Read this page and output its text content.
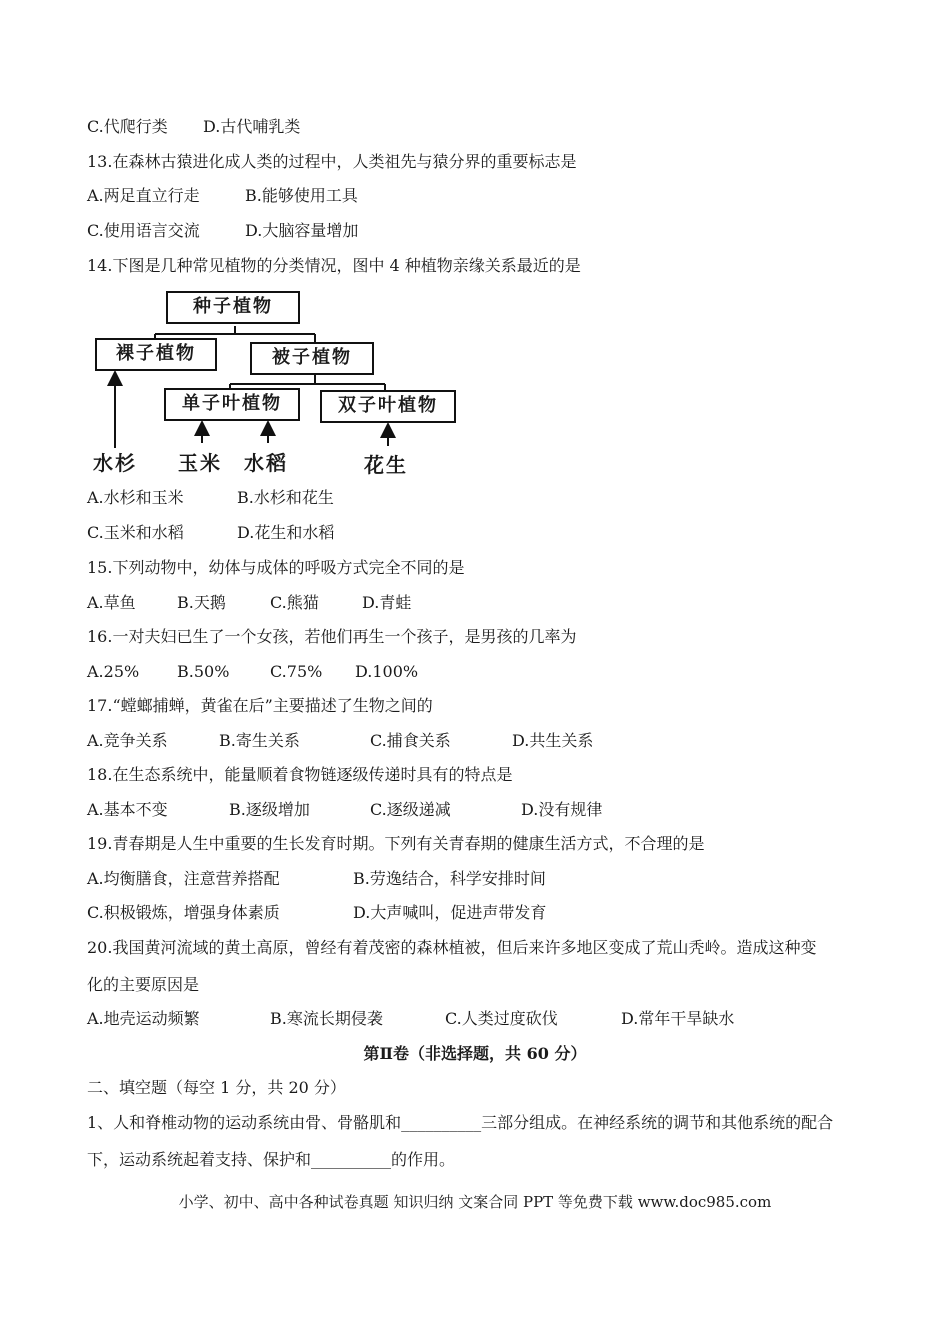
C.代爬行类 D.古代哺乳类
13.在森林古猿进化成人类的过程中，人类祖先与猿分界的重要标志是
A.两足直立行走	B.能够使用工具
C.使用语言交流	D.大脑容量增加
14.下图是几种常见植物的分类情况，图中 4 种植物亲缘关系最近的是
种子植物
裸子植物	被子植物
单子叶植物	双子叶植物
水杉 玉米 水稻	花生
A.水杉和玉米	B.水杉和花生
C.玉米和水稻	D.花生和水稻
15.下列动物中，幼体与成体的呼吸方式完全不同的是
A.草鱼	B.天鹅	C.熊猫	D.青蛙
16.一对夫妇已生了一个女孩，若他们再生一个孩子，是男孩的几率为
A.25% B.50%	C.75% D.100%
17.“螳螂捕蝉，黄雀在后”主要描述了生物之间的
A.竞争关系	B.寄生关系	C.捕食关系	D.共生关系
18.在生态系统中，能量顺着食物链逐级传递时具有的特点是
A.基本不变	B.逐级增加	C.逐级递减	D.没有规律
19.青春期是人生中重要的生长发育时期。下列有关青春期的健康生活方式，不合理的是
A.均衡膳食，注意营养搭配	B.劳逸结合，科学安排时间
C.积极锻炼，增强身体素质	D.大声喊叫，促进声带发育
20.我国黄河流域的黄土高原，曾经有着茂密的森林植被，但后来许多地区变成了荒山秃岭。造成这种变
化的主要原因是
A.地壳运动频繁	B.寒流长期侵袭	C.人类过度砍伐	D.常年干旱缺水
第Ⅱ卷（非选择题，共 60 分）
二、填空题（每空 1 分，共 20 分）
1、人和脊椎动物的运动系统由骨、骨骼肌和__________三部分组成。在神经系统的调节和其他系统的配合
下，运动系统起着支持、保护和__________的作用。
小学、初中、高中各种试卷真题 知识归纳 文案合同 PPT 等免费下载 www.doc985.com
